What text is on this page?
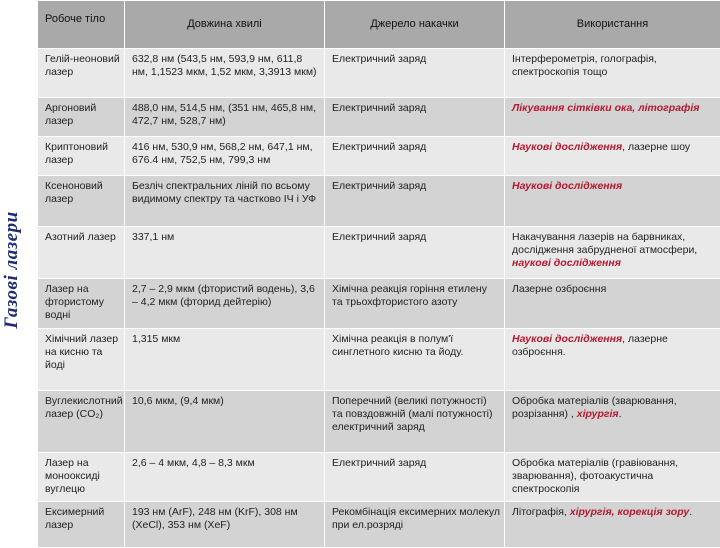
Газові лазери
Робоче тіло	Довжина хвилі	Джерело накачки	Використання
Гелій-неоновий лазер	632,8 нм (543,5 нм, 593,9 нм, 611,8 нм, 1,1523 мкм, 1,52 мкм, 3,3913 мкм)	Електричний заряд	Інтерферометрія, голографія, спектроскопія тощо
Аргоновий лазер	488,0 нм, 514,5 нм, (351 нм, 465,8 нм, 472,7 нм, 528,7 нм)	Електричний заряд	Лікування сітківки ока, літографія
Криптоновий лазер	416 нм, 530,9 нм, 568,2 нм, 647,1 нм, 676.4 нм, 752,5 нм, 799,3 нм	Електричний заряд	Наукові дослідження, лазерне шоу
Ксеноновий лазер	Безліч спектральних ліній по всьому видимому спектру та частково ІЧ і УФ	Електричний заряд	Наукові дослідження
Азотний лазер	337,1 нм	Електричний заряд	Накачування лазерів на барвниках, дослідження забрудненої атмосфери, наукові дослідження
Лазер на фтористому водні	2,7 – 2,9 мкм (фтористий водень), 3,6 – 4,2 мкм (фторид дейтерію)	Хімічна реакція горіння етилену та трьохфтористого азоту	Лазерне озброєння
Хімічний лазер на кисню та йоді	1,315 мкм	Хімічна реакція в полум'ї синглетного кисню та йоду.	Наукові дослідження, лазерне озброєння.
Вуглекислотний лазер (CO₂)	10,6 мкм, (9,4 мкм)	Поперечний (великі потужності) та повздовжній (малі потужності) електричний заряд	Обробка матеріалів (зварювання, розрізання) , хірургія.
Лазер на монооксиді вуглецю	2,6 – 4 мкм, 4,8 – 8,3 мкм	Електричний заряд	Обробка матеріалів (гравіювання, зварювання), фотоакустична спектроскопія
Ексимерний лазер	193 нм (ArF), 248 нм (KrF), 308 нм (XeCl), 353 нм (XeF)	Рекомбінація ексимерних молекул при ел.розряді	Літографія, хірургія, корекція зору.
